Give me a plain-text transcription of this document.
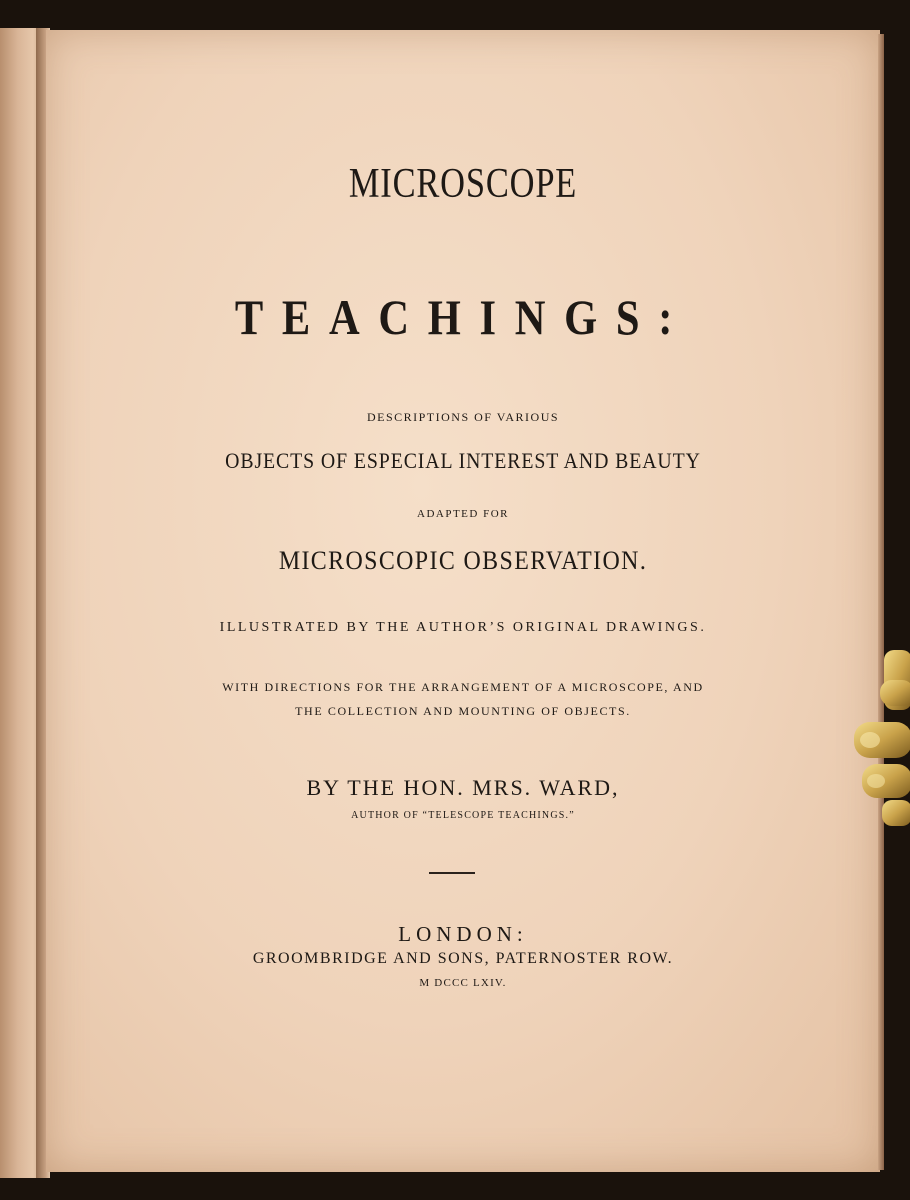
MICROSCOPE
TEACHINGS:
DESCRIPTIONS OF VARIOUS
OBJECTS OF ESPECIAL INTEREST AND BEAUTY
ADAPTED FOR
MICROSCOPIC OBSERVATION.
ILLUSTRATED BY THE AUTHOR’S ORIGINAL DRAWINGS.
WITH DIRECTIONS FOR THE ARRANGEMENT OF A MICROSCOPE, AND
THE COLLECTION AND MOUNTING OF OBJECTS.
BY THE HON. MRS. WARD,
AUTHOR OF “TELESCOPE TEACHINGS.”
LONDON:
GROOMBRIDGE AND SONS, PATERNOSTER ROW.
M DCCC LXIV.
